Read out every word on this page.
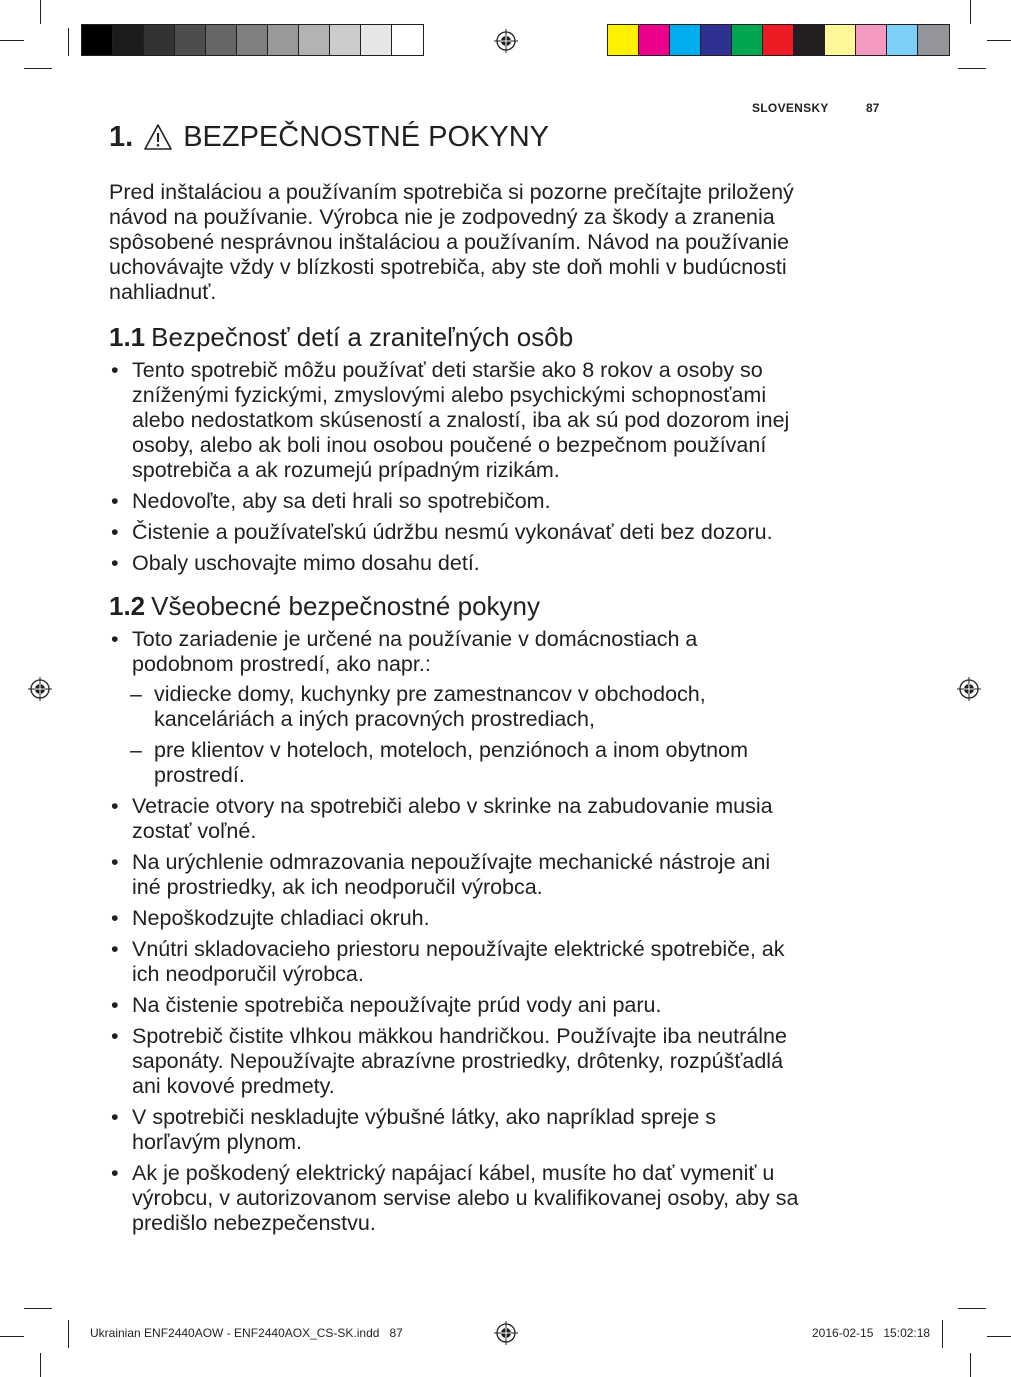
SLOVENSKY	87
1. BEZPEČNOSTNÉ POKYNY

Pred inštaláciou a používaním spotrebiča si pozorne prečítajte priložený návod na používanie. Výrobca nie je zodpovedný za škody a zranenia spôsobené nesprávnou inštaláciou a používaním. Návod na používanie uchovávajte vždy v blízkosti spotrebiča, aby ste doň mohli v budúcnosti nahliadnuť.

1.1 Bezpečnosť detí a zraniteľných osôb
• Tento spotrebič môžu používať deti staršie ako 8 rokov a osoby so zníženými fyzickými, zmyslovými alebo psychickými schopnosťami alebo nedostatkom skúseností a znalostí, iba ak sú pod dozorom inej osoby, alebo ak boli inou osobou poučené o bezpečnom používaní spotrebiča a ak rozumejú prípadným rizikám.
• Nedovoľte, aby sa deti hrali so spotrebičom.
• Čistenie a používateľskú údržbu nesmú vykonávať deti bez dozoru.
• Obaly uschovajte mimo dosahu detí.
1.2 Všeobecné bezpečnostné pokyny
• Toto zariadenie je určené na používanie v domácnostiach a podobnom prostredí, ako napr.:
– vidiecke domy, kuchynky pre zamestnancov v obchodoch, kanceláriách a iných pracovných prostrediach,
– pre klientov v hoteloch, moteloch, penziónoch a inom obytnom prostredí.
• Vetracie otvory na spotrebiči alebo v skrinke na zabudovanie musia zostať voľné.
• Na urýchlenie odmrazovania nepoužívajte mechanické nástroje ani iné prostriedky, ak ich neodporučil výrobca.
• Nepoškodzujte chladiaci okruh.
• Vnútri skladovacieho priestoru nepoužívajte elektrické spotrebiče, ak ich neodporučil výrobca.
• Na čistenie spotrebiča nepoužívajte prúd vody ani paru.
• Spotrebič čistite vlhkou mäkkou handričkou. Používajte iba neutrálne saponáty. Nepoužívajte abrazívne prostriedky, drôtenky, rozpúšťadlá ani kovové predmety.
• V spotrebiči neskladujte výbušné látky, ako napríklad spreje s horľavým plynom.
• Ak je poškodený elektrický napájací kábel, musíte ho dať vymeniť u výrobcu, v autorizovanom servise alebo u kvalifikovanej osoby, aby sa predišlo nebezpečenstvu.
Ukrainian ENF2440AOW - ENF2440AOX_CS-SK.indd   87	2016-02-15   15:02:18
